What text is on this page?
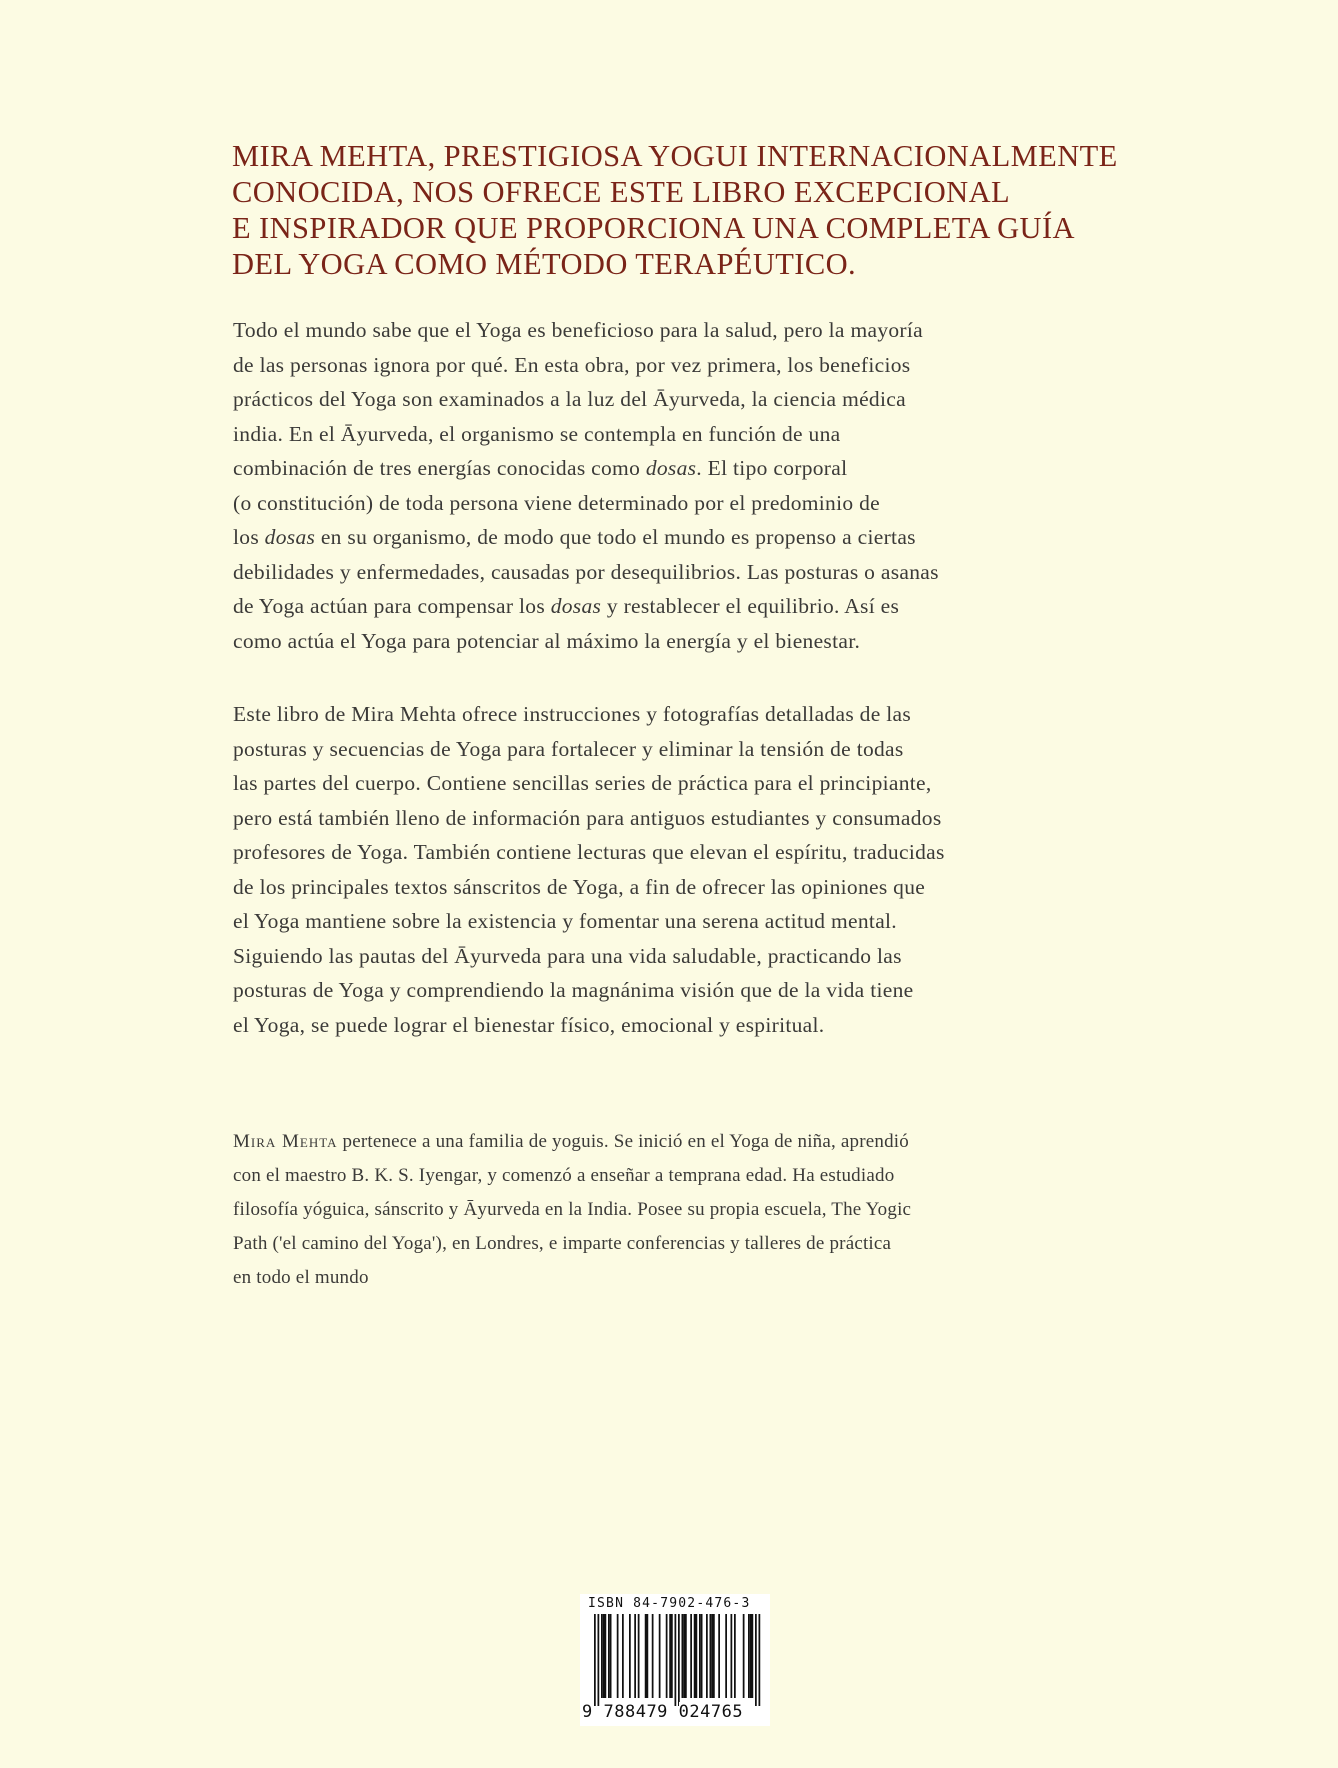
MIRA MEHTA, PRESTIGIOSA YOGUI INTERNACIONALMENTE
CONOCIDA, NOS OFRECE ESTE LIBRO EXCEPCIONAL
E INSPIRADOR QUE PROPORCIONA UNA COMPLETA GUÍA
DEL YOGA COMO MÉTODO TERAPÉUTICO.

Todo el mundo sabe que el Yoga es beneficioso para la salud, pero la mayoría
de las personas ignora por qué. En esta obra, por vez primera, los beneficios
prácticos del Yoga son examinados a la luz del Āyurveda, la ciencia médica
india. En el Āyurveda, el organismo se contempla en función de una
combinación de tres energías conocidas como dosas. El tipo corporal
(o constitución) de toda persona viene determinado por el predominio de
los dosas en su organismo, de modo que todo el mundo es propenso a ciertas
debilidades y enfermedades, causadas por desequilibrios. Las posturas o asanas
de Yoga actúan para compensar los dosas y restablecer el equilibrio. Así es
como actúa el Yoga para potenciar al máximo la energía y el bienestar.

Este libro de Mira Mehta ofrece instrucciones y fotografías detalladas de las
posturas y secuencias de Yoga para fortalecer y eliminar la tensión de todas
las partes del cuerpo. Contiene sencillas series de práctica para el principiante,
pero está también lleno de información para antiguos estudiantes y consumados
profesores de Yoga. También contiene lecturas que elevan el espíritu, traducidas
de los principales textos sánscritos de Yoga, a fin de ofrecer las opiniones que
el Yoga mantiene sobre la existencia y fomentar una serena actitud mental.
Siguiendo las pautas del Āyurveda para una vida saludable, practicando las
posturas de Yoga y comprendiendo la magnánima visión que de la vida tiene
el Yoga, se puede lograr el bienestar físico, emocional y espiritual.

Mira Mehta pertenece a una familia de yoguis. Se inició en el Yoga de niña, aprendió
con el maestro B. K. S. Iyengar, y comenzó a enseñar a temprana edad. Ha estudiado
filosofía yóguica, sánscrito y Āyurveda en la India. Posee su propia escuela, The Yogic
Path ('el camino del Yoga'), en Londres, e imparte conferencias y talleres de práctica
en todo el mundo

ISBN 84-7902-476-3
9 788479 024765
